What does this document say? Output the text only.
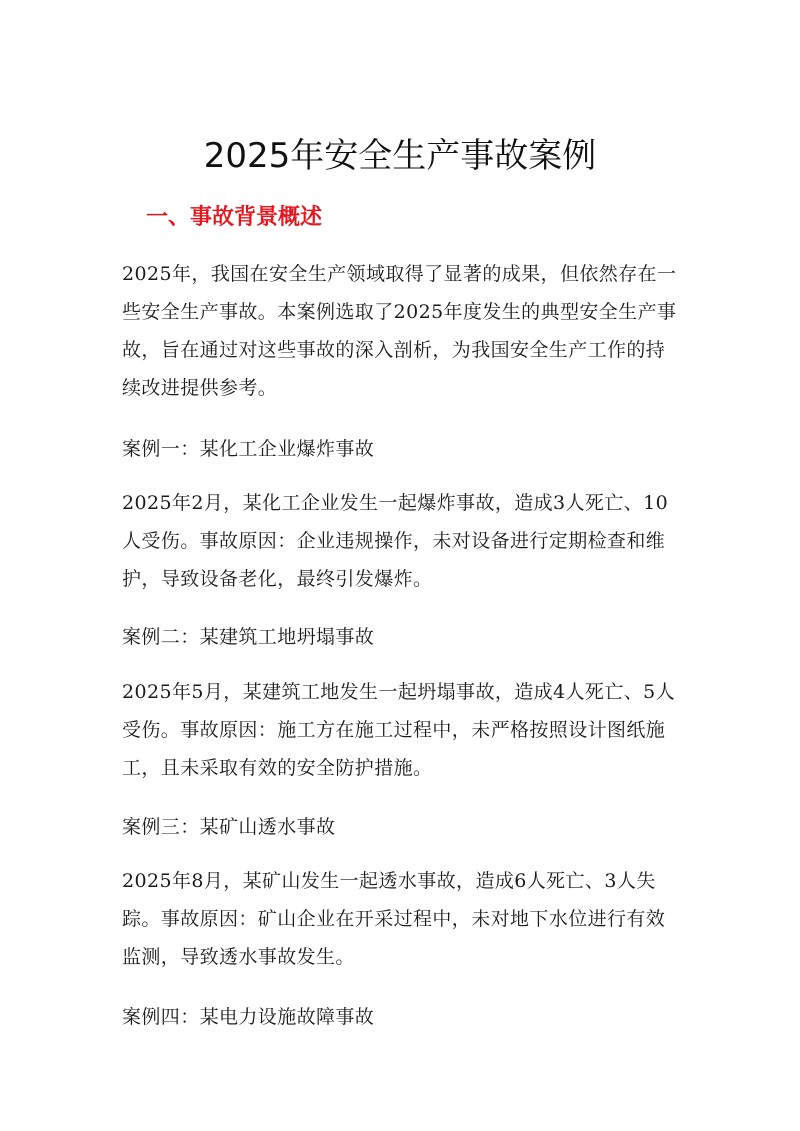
2025年安全生产事故案例
一、事故背景概述

2025年，我国在安全生产领域取得了显著的成果，但依然存在一些安全生产事故。本案例选取了2025年度发生的典型安全生产事故，旨在通过对这些事故的深入剖析，为我国安全生产工作的持续改进提供参考。

案例一：某化工企业爆炸事故

2025年2月，某化工企业发生一起爆炸事故，造成3人死亡、10人受伤。事故原因：企业违规操作，未对设备进行定期检查和维护，导致设备老化，最终引发爆炸。

案例二：某建筑工地坍塌事故

2025年5月，某建筑工地发生一起坍塌事故，造成4人死亡、5人受伤。事故原因：施工方在施工过程中，未严格按照设计图纸施工，且未采取有效的安全防护措施。

案例三：某矿山透水事故

2025年8月，某矿山发生一起透水事故，造成6人死亡、3人失踪。事故原因：矿山企业在开采过程中，未对地下水位进行有效监测，导致透水事故发生。

案例四：某电力设施故障事故
